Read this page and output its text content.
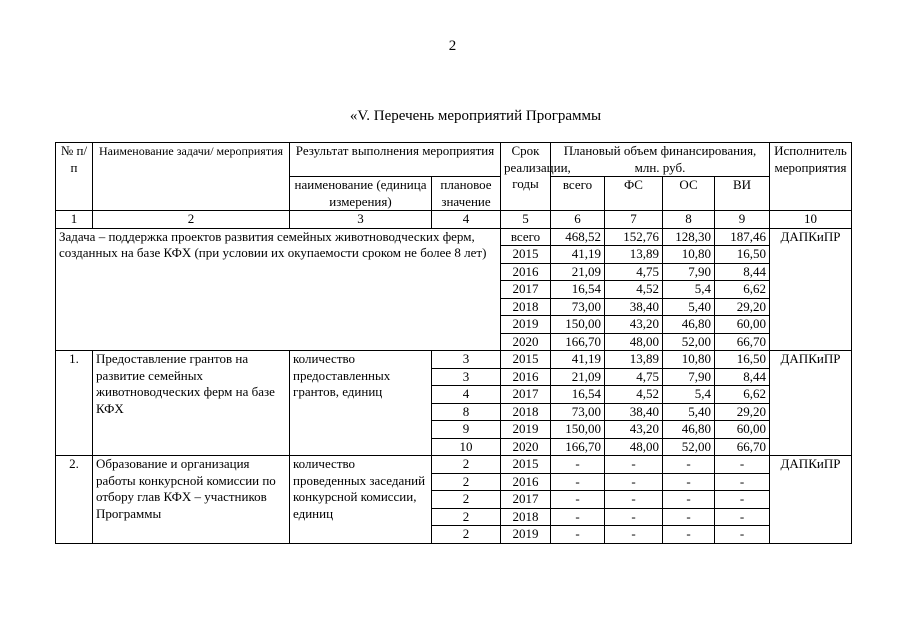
2
«V. Перечень мероприятий Программы
№ п/п	Наименование задачи/ мероприятия	Результат выполнения мероприятия		Срок реализации, годы	Плановый объем финансирования, млн. руб.				Исполнитель мероприятия
		наименование (единица измерения)	плановое значение		всего	ФС	ОС	ВИ	
1	2	3	4	5	6	7	8	9	10
Задача – поддержка проектов развития семейных животноводческих ферм, созданных на базе КФХ (при условии их окупаемости сроком не более 8 лет)				всего	468,52	152,76	128,30	187,46	ДАПКиПР
				2015	41,19	13,89	10,80	16,50	
				2016	21,09	4,75	7,90	8,44	
				2017	16,54	4,52	5,4	6,62	
				2018	73,00	38,40	5,40	29,20	
				2019	150,00	43,20	46,80	60,00	
				2020	166,70	48,00	52,00	66,70	
1.	Предоставление грантов на развитие семейных животноводческих ферм на базе КФХ	количество предоставленных грантов, единиц	3	2015	41,19	13,89	10,80	16,50	ДАПКиПР
			3	2016	21,09	4,75	7,90	8,44	
			4	2017	16,54	4,52	5,4	6,62	
			8	2018	73,00	38,40	5,40	29,20	
			9	2019	150,00	43,20	46,80	60,00	
			10	2020	166,70	48,00	52,00	66,70	
2.	Образование и организация работы конкурсной комиссии по отбору глав КФХ – участников Программы	количество проведенных заседаний конкурсной комиссии, единиц	2	2015	-	-	-	-	ДАПКиПР
			2	2016	-	-	-	-	
			2	2017	-	-	-	-	
			2	2018	-	-	-	-	
			2	2019	-	-	-	-	
